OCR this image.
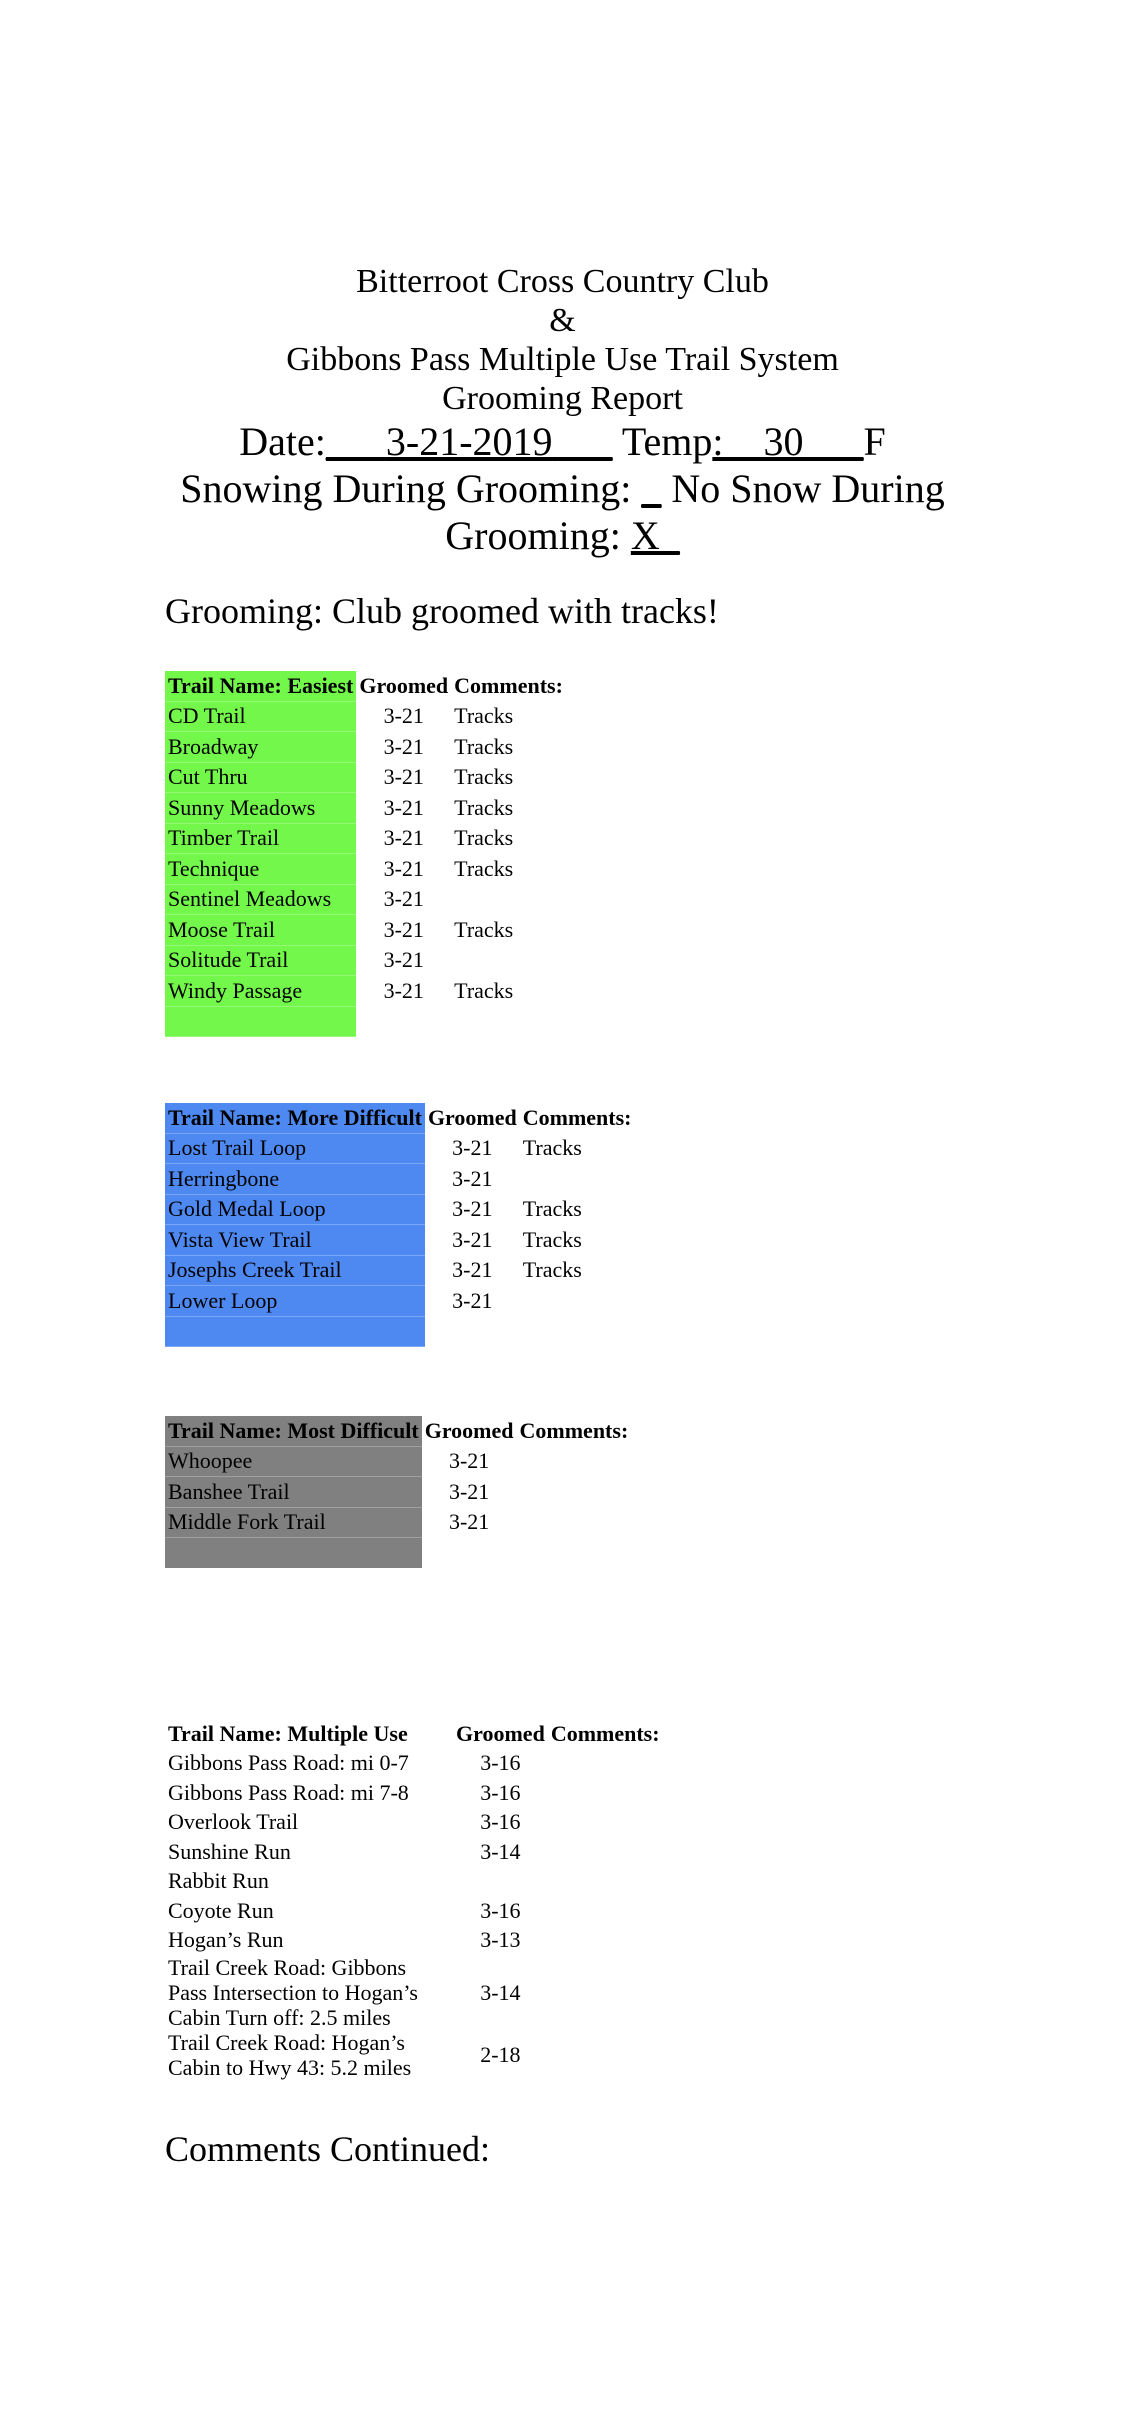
Bitterroot Cross Country Club
&
Gibbons Pass Multiple Use Trail System
Grooming Report
Date:___3-21-2019___ Temp:__30___F
Snowing During Grooming: _ No Snow During
Grooming: X_
Grooming: Club groomed with tracks!
Trail Name: Easiest	Groomed	Comments:
CD Trail	3-21	Tracks
Broadway	3-21	Tracks
Cut Thru	3-21	Tracks
Sunny Meadows	3-21	Tracks
Timber Trail	3-21	Tracks
Technique	3-21	Tracks
Sentinel Meadows	3-21	
Moose Trail	3-21	Tracks
Solitude Trail	3-21	
Windy Passage	3-21	Tracks

Trail Name: More Difficult	Groomed	Comments:
Lost Trail Loop	3-21	Tracks
Herringbone	3-21	
Gold Medal Loop	3-21	Tracks
Vista View Trail	3-21	Tracks
Josephs Creek Trail	3-21	Tracks
Lower Loop	3-21	

Trail Name: Most Difficult	Groomed	Comments:
Whoopee	3-21	
Banshee Trail	3-21	
Middle Fork Trail	3-21	

Trail Name: Multiple Use	Groomed	Comments:
Gibbons Pass Road: mi 0-7	3-16	
Gibbons Pass Road: mi 7-8	3-16	
Overlook Trail	3-16	
Sunshine Run	3-14	
Rabbit Run		
Coyote Run	3-16	
Hogan’s Run	3-13	
Trail Creek Road: Gibbons Pass Intersection to Hogan’s Cabin Turn off: 2.5 miles	3-14	
Trail Creek Road: Hogan’s Cabin to Hwy 43: 5.2 miles	2-18	
Comments Continued:
